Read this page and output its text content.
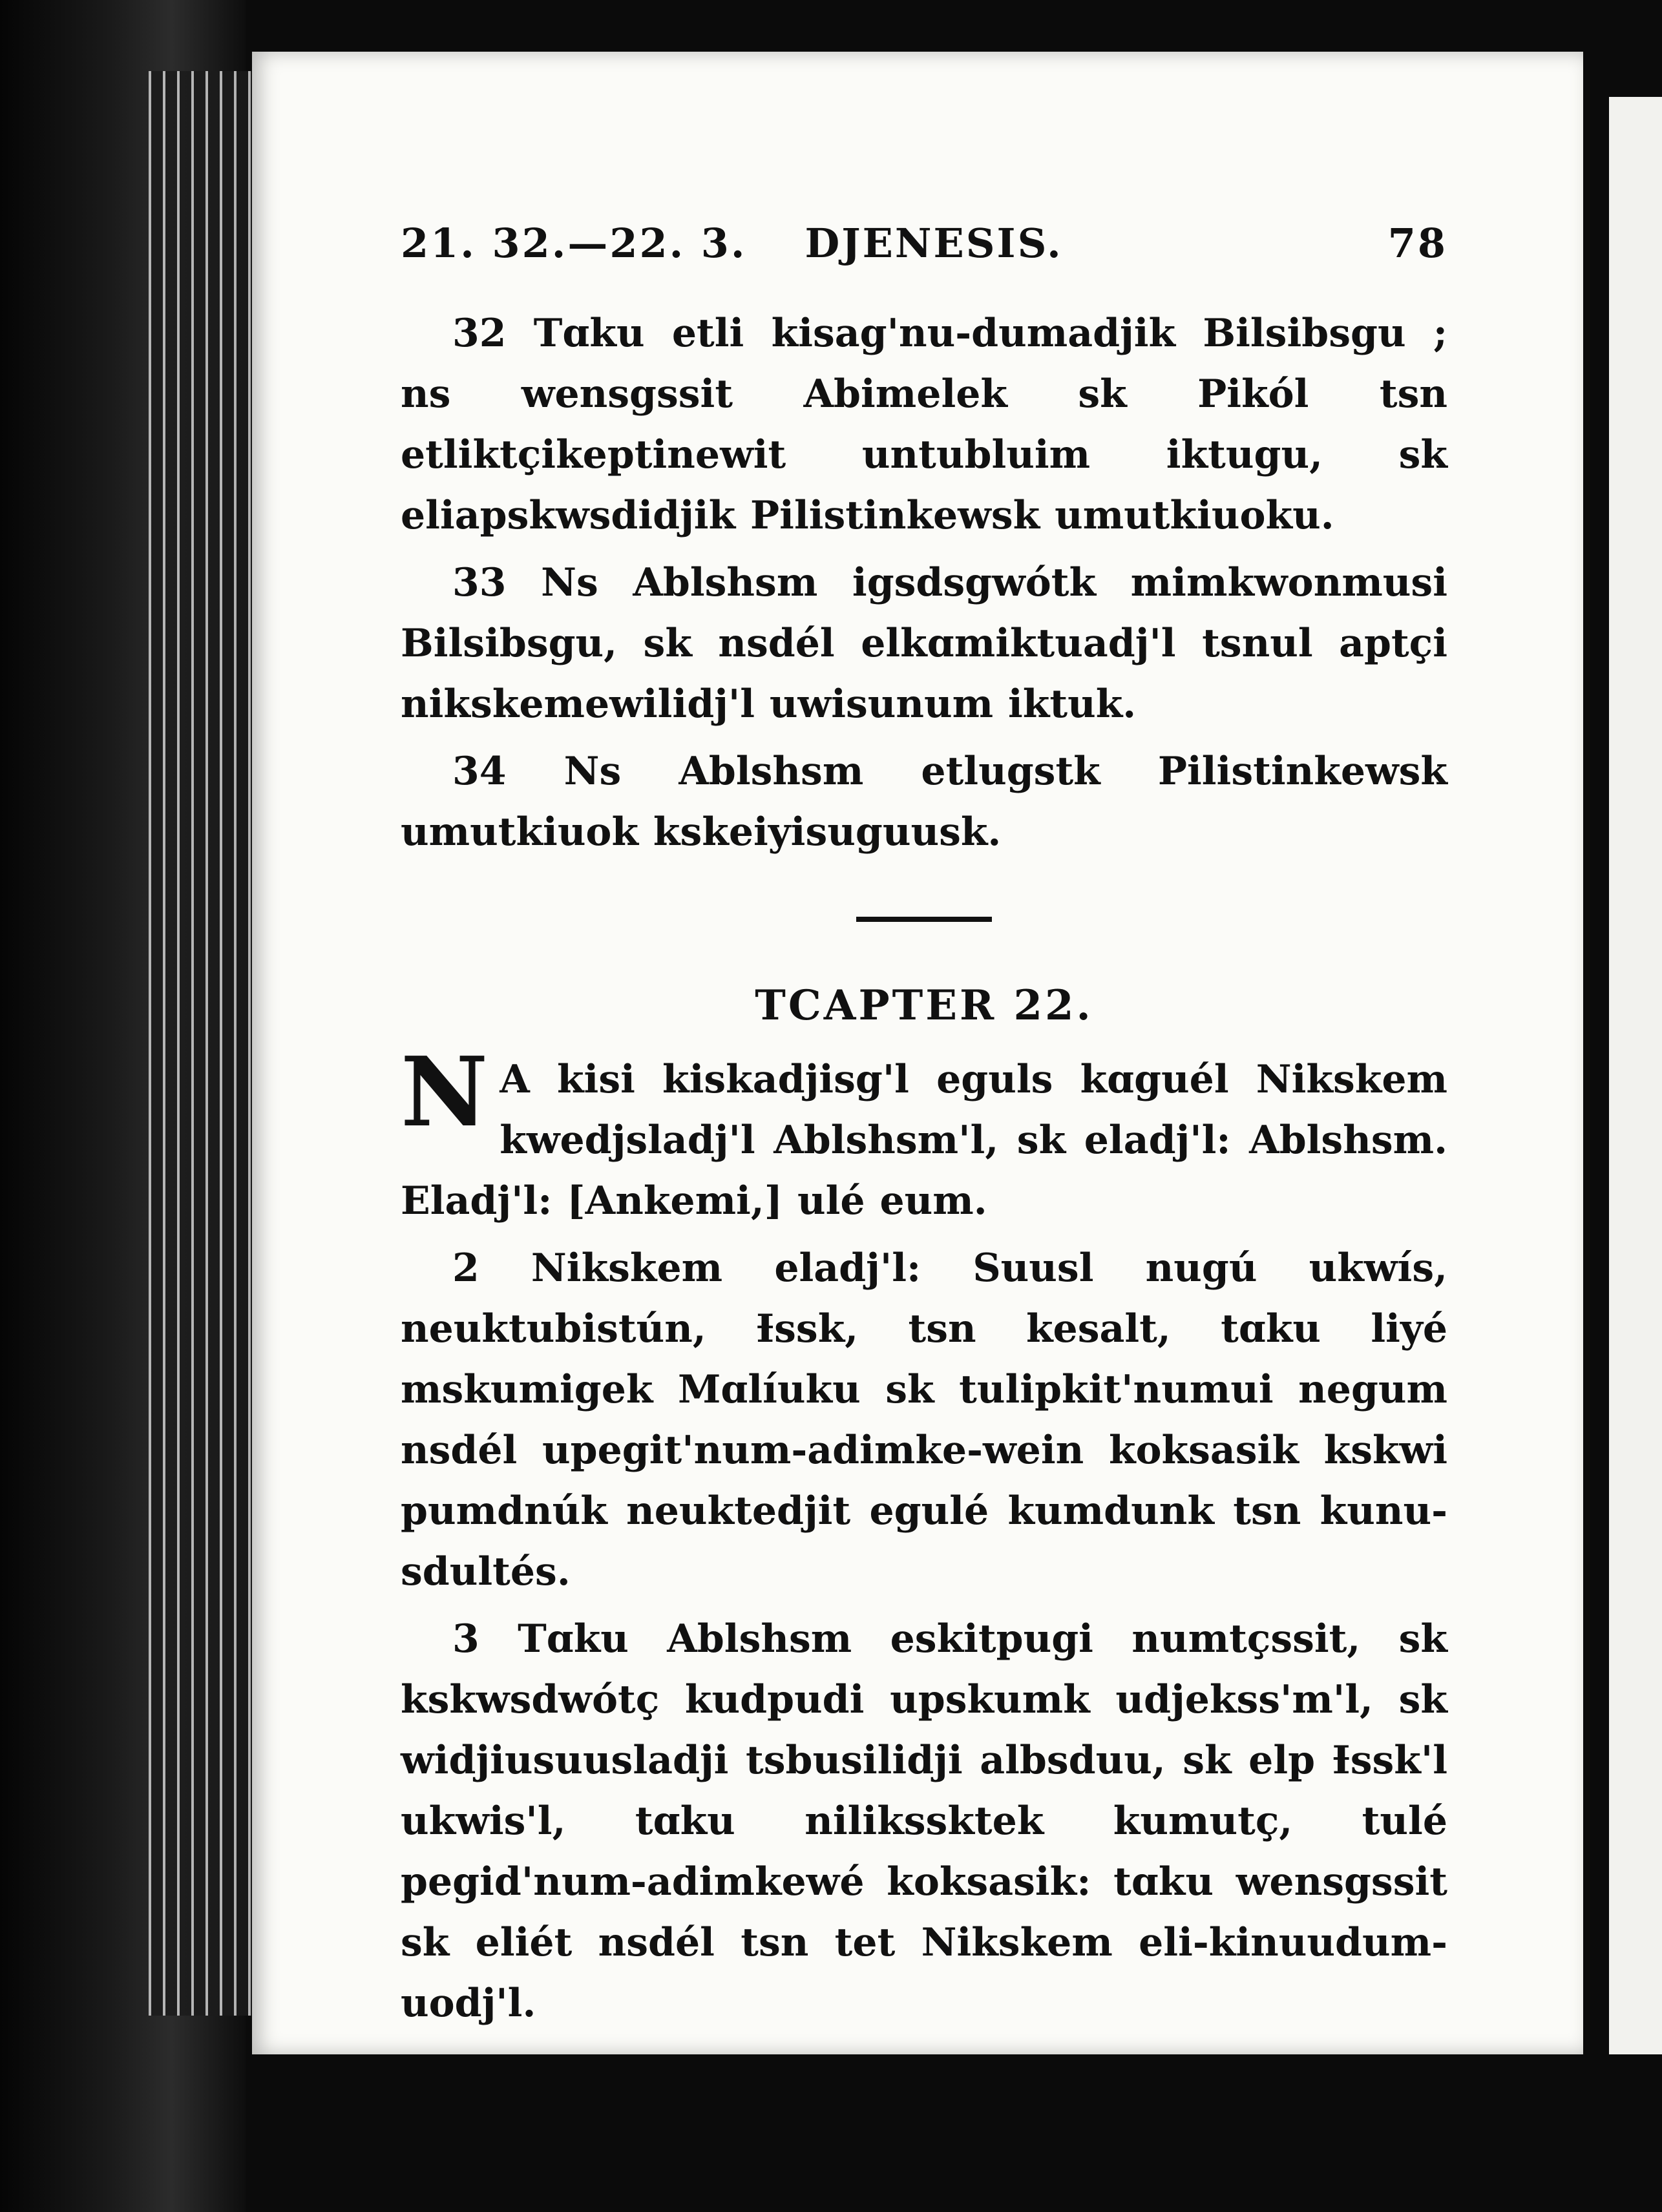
21. 32.—22. 3.	DJENESIS.	78

32 Tɑku etli kisag'nu-dumadjik Bilsibsgu ; ns wensgssit Abimelek sk Pikól tsn etliktçikeptinewit untubluim iktugu, sk eliapskwsdidjik Pilistinkewsk umutkiuoku.

33 Ns Ablshsm igsdsgwótk mimkwonmusi Bilsibsgu, sk nsdél elkɑmiktuadj'l tsnul aptçi nikskemewilidj'l uwisunum iktuk.

34 Ns Ablshsm etlugstk Pilistinkewsk umutkiuok kskeiyisuguusk.

TCAPTER 22.

N A kisi kiskadjisg'l eguls kɑguél Nikskem kwedjsladj'l Ablshsm'l, sk eladj'l: Ablshsm. Eladj'l: [Ankemi,] ulé eum.

2 Nikskem eladj'l: Suusl nugú ukwís, neuktubistún, Ɨssk, tsn kesalt, tɑku liyé mskumigek Mɑlíuku sk tulipkit'numui negum nsdél upegit'num-adimke-wein koksasik kskwi pumdnúk neuktedjit egulé kumdunk tsn kunu-sdultés.

3 Tɑku Ablshsm eskitpugi numtçssit, sk kskwsdwótç kudpudi upskumk udjekss'm'l, sk widjiusuusladji tsbusilidji albsduu, sk elp Ɨssk'l ukwis'l, tɑku nilikssktek kumutç, tulé pegid'num-adimkewé koksasik: tɑku wensgssit sk eliét nsdél tsn tet Nikskem eli-kinuudum-uodj'l.
